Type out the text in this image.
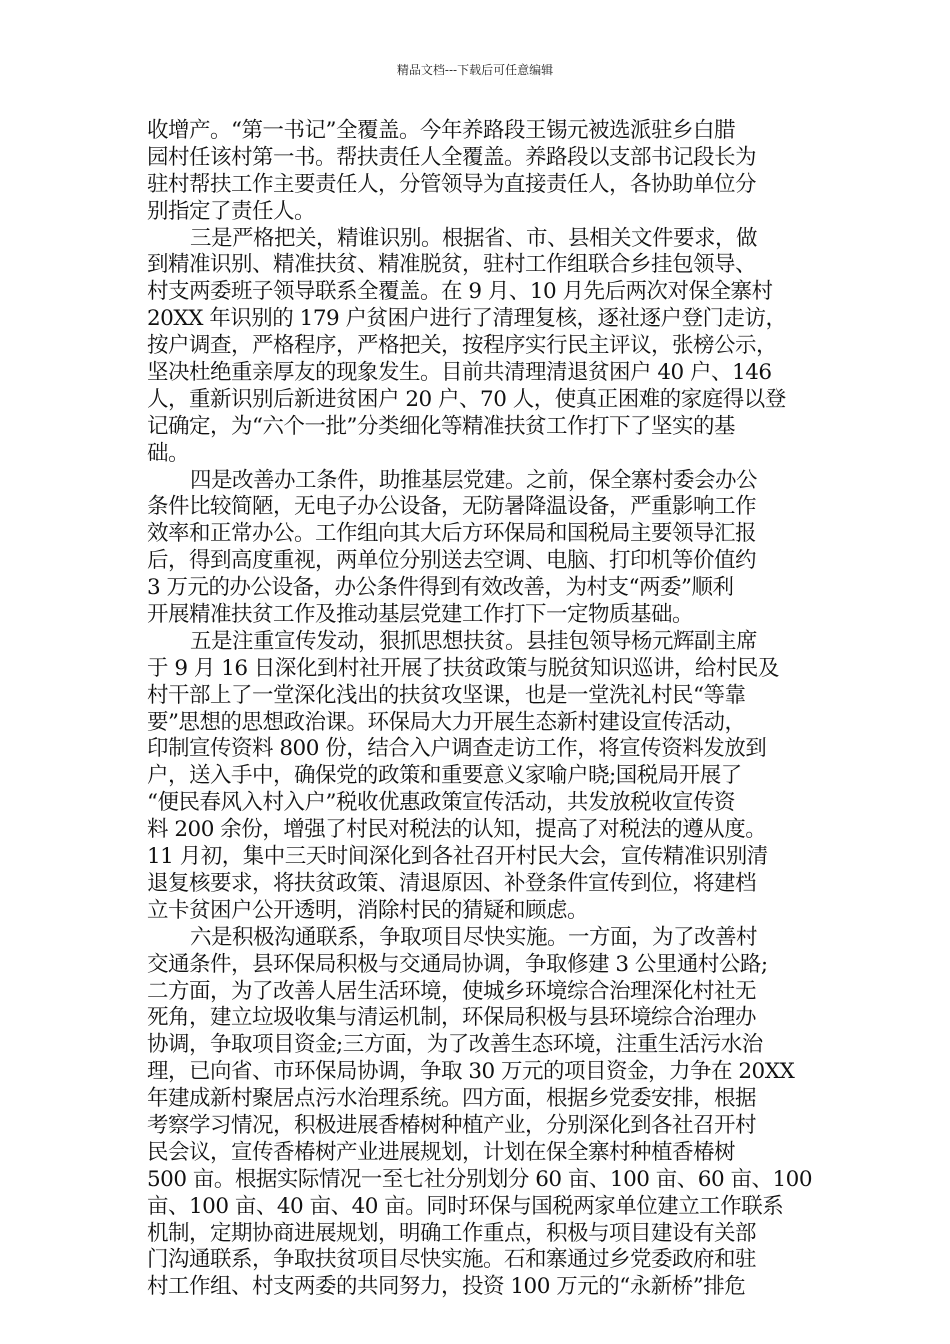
精品文档---下载后可任意编辑
收增产。“第一书记”全覆盖。今年养路段王锡元被选派驻乡白腊
园村任该村第一书。帮扶责任人全覆盖。养路段以支部书记段长为
驻村帮扶工作主要责任人，分管领导为直接责任人，各协助单位分
别指定了责任人。
三是严格把关，精谁识别。根据省、市、县相关文件要求，做
到精准识别、精准扶贫、精准脱贫，驻村工作组联合乡挂包领导、
村支两委班子领导联系全覆盖。在 9 月、10 月先后两次对保全寨村
20XX 年识别的 179 户贫困户进行了清理复核，逐社逐户登门走访，
按户调查，严格程序，严格把关，按程序实行民主评议，张榜公示，
坚决杜绝重亲厚友的现象发生。目前共清理清退贫困户 40 户、146
人，重新识别后新进贫困户 20 户、70 人，使真正困难的家庭得以登
记确定，为“六个一批”分类细化等精准扶贫工作打下了坚实的基
础。
四是改善办工条件，助推基层党建。之前，保全寨村委会办公
条件比较简陋，无电子办公设备，无防暑降温设备，严重影响工作
效率和正常办公。工作组向其大后方环保局和国税局主要领导汇报
后，得到高度重视，两单位分别送去空调、电脑、打印机等价值约
3 万元的办公设备，办公条件得到有效改善，为村支“两委”顺利
开展精准扶贫工作及推动基层党建工作打下一定物质基础。
五是注重宣传发动，狠抓思想扶贫。县挂包领导杨元辉副主席
于 9 月 16 日深化到村社开展了扶贫政策与脱贫知识巡讲，给村民及
村干部上了一堂深化浅出的扶贫攻坚课，也是一堂洗礼村民“等靠
要”思想的思想政治课。环保局大力开展生态新村建设宣传活动，
印制宣传资料 800 份，结合入户调查走访工作，将宣传资料发放到
户，送入手中，确保党的政策和重要意义家喻户晓;国税局开展了
“便民春风入村入户”税收优惠政策宣传活动，共发放税收宣传资
料 200 余份，增强了村民对税法的认知，提高了对税法的遵从度。
11 月初，集中三天时间深化到各社召开村民大会，宣传精准识别清
退复核要求，将扶贫政策、清退原因、补登条件宣传到位，将建档
立卡贫困户公开透明，消除村民的猜疑和顾虑。
六是积极沟通联系，争取项目尽快实施。一方面，为了改善村
交通条件，县环保局积极与交通局协调，争取修建 3 公里通村公路;
二方面，为了改善人居生活环境，使城乡环境综合治理深化村社无
死角，建立垃圾收集与清运机制，环保局积极与县环境综合治理办
协调，争取项目资金;三方面，为了改善生态环境，注重生活污水治
理，已向省、市环保局协调，争取 30 万元的项目资金，力争在 20XX
年建成新村聚居点污水治理系统。四方面，根据乡党委安排，根据
考察学习情况，积极进展香椿树种植产业，分别深化到各社召开村
民会议，宣传香椿树产业进展规划，计划在保全寨村种植香椿树
500 亩。根据实际情况一至七社分别划分 60 亩、100 亩、60 亩、100
亩、100 亩、40 亩、40 亩。同时环保与国税两家单位建立工作联系
机制，定期协商进展规划，明确工作重点，积极与项目建设有关部
门沟通联系，争取扶贫项目尽快实施。石和寨通过乡党委政府和驻
村工作组、村支两委的共同努力，投资 100 万元的“永新桥”排危
